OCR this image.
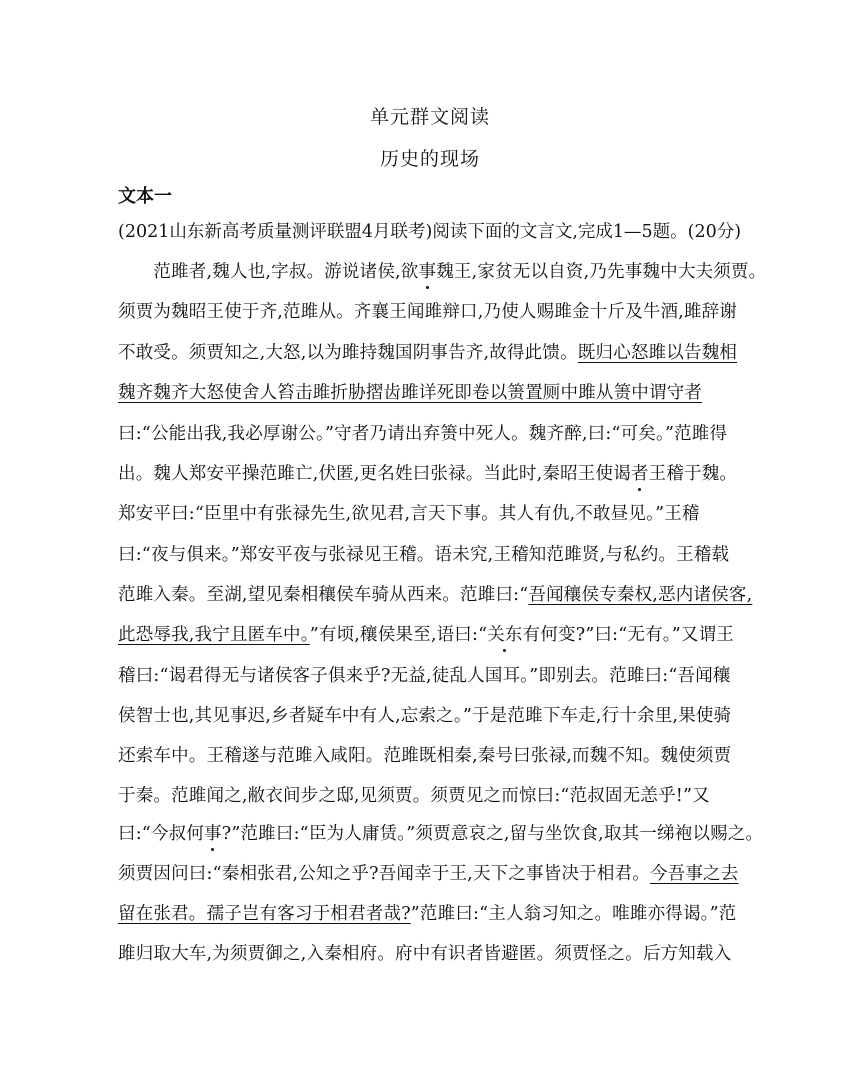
单元群文阅读
历史的现场
文本一
(2021山东新高考质量测评联盟4月联考)阅读下面的文言文,完成1—5题。(20分)
　　范雎者,魏人也,字叔。游说诸侯,欲事魏王,家贫无以自资,乃先事魏中大夫须贾。
须贾为魏昭王使于齐,范雎从。齐襄王闻雎辩口,乃使人赐雎金十斤及牛酒,雎辞谢
不敢受。须贾知之,大怒,以为雎持魏国阴事告齐,故得此馈。既归心怒雎以告魏相
魏齐魏齐大怒使舍人笞击雎折胁摺齿雎详死即卷以箦置厕中雎从箦中谓守者
曰:“公能出我,我必厚谢公。”守者乃请出弃箦中死人。魏齐醉,曰:“可矣。”范雎得
出。魏人郑安平操范雎亡,伏匿,更名姓曰张禄。当此时,秦昭王使谒者王稽于魏。
郑安平曰:“臣里中有张禄先生,欲见君,言天下事。其人有仇,不敢昼见。”王稽
曰:“夜与俱来。”郑安平夜与张禄见王稽。语未究,王稽知范雎贤,与私约。王稽载
范雎入秦。至湖,望见秦相穰侯车骑从西来。范雎曰:“吾闻穰侯专秦权,恶内诸侯客,
此恐辱我,我宁且匿车中。”有顷,穰侯果至,语曰:“关东有何变?”曰:“无有。”又谓王
稽曰:“谒君得无与诸侯客子俱来乎?无益,徒乱人国耳。”即别去。范雎曰:“吾闻穰
侯智士也,其见事迟,乡者疑车中有人,忘索之。”于是范雎下车走,行十余里,果使骑
还索车中。王稽遂与范雎入咸阳。范雎既相秦,秦号曰张禄,而魏不知。魏使须贾
于秦。范雎闻之,敝衣间步之邸,见须贾。须贾见之而惊曰:“范叔固无恙乎!”又
曰:“今叔何事?”范雎曰:“臣为人庸赁。”须贾意哀之,留与坐饮食,取其一绨袍以赐之。
须贾因问曰:“秦相张君,公知之乎?吾闻幸于王,天下之事皆决于相君。今吾事之去
留在张君。孺子岂有客习于相君者哉?”范雎曰:“主人翁习知之。唯雎亦得谒。”范
雎归取大车,为须贾御之,入秦相府。府中有识者皆避匿。须贾怪之。后方知载入
